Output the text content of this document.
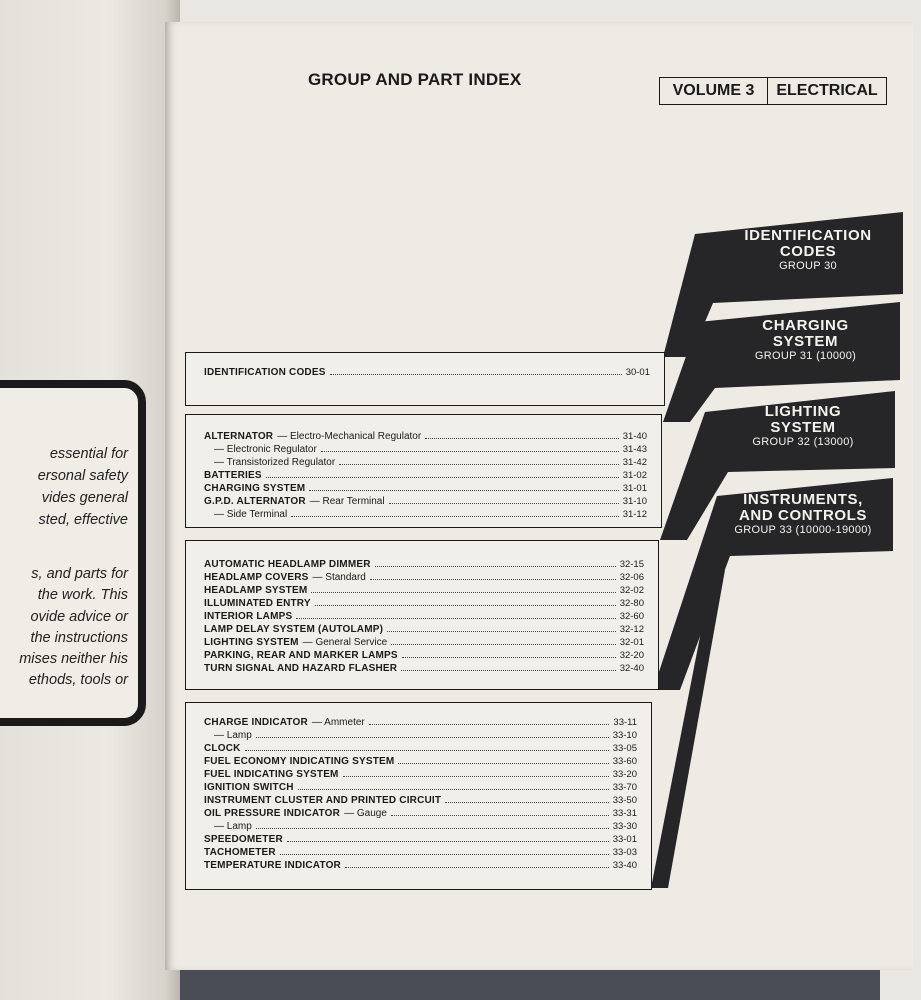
essential for
ersonal safety
vides general
sted, effective
s, and parts for
the work. This
ovide advice or
the instructions
mises neither his
ethods, tools or
GROUP AND PART INDEX
VOLUME 3	ELECTRICAL
IDENTIFICATION
CODES
GROUP 30
CHARGING
SYSTEM
GROUP 31 (10000)
LIGHTING
SYSTEM
GROUP 32 (13000)
INSTRUMENTS,
AND CONTROLS
GROUP 33 (10000-19000)
IDENTIFICATION CODES	30-01
ALTERNATOR — Electro-Mechanical Regulator	31-40
— Electronic Regulator	31-43
— Transistorized Regulator	31-42
BATTERIES	31-02
CHARGING SYSTEM	31-01
G.P.D. ALTERNATOR — Rear Terminal	31-10
— Side Terminal	31-12
AUTOMATIC HEADLAMP DIMMER	32-15
HEADLAMP COVERS — Standard	32-06
HEADLAMP SYSTEM	32-02
ILLUMINATED ENTRY	32-80
INTERIOR LAMPS	32-60
LAMP DELAY SYSTEM (AUTOLAMP)	32-12
LIGHTING SYSTEM — General Service	32-01
PARKING, REAR AND MARKER LAMPS	32-20
TURN SIGNAL AND HAZARD FLASHER	32-40
CHARGE INDICATOR — Ammeter	33-11
— Lamp	33-10
CLOCK	33-05
FUEL ECONOMY INDICATING SYSTEM	33-60
FUEL INDICATING SYSTEM	33-20
IGNITION SWITCH	33-70
INSTRUMENT CLUSTER AND PRINTED CIRCUIT	33-50
OIL PRESSURE INDICATOR — Gauge	33-31
— Lamp	33-30
SPEEDOMETER	33-01
TACHOMETER	33-03
TEMPERATURE INDICATOR	33-40
